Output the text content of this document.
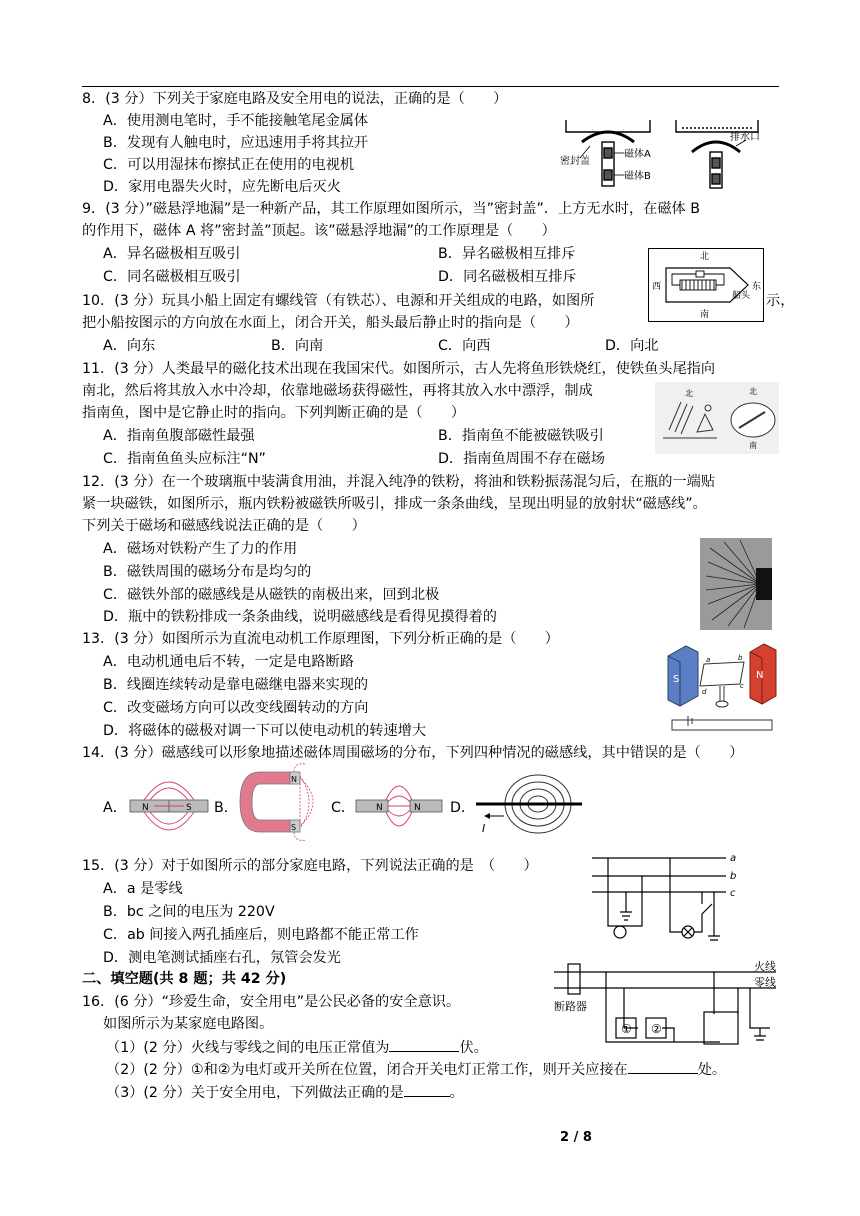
8．(3 分）下列关于家庭电路及安全用电的说法，正确的是（　　）
A．使用测电笔时，手不能接触笔尾金属体
B．发现有人触电时，应迅速用手将其拉开
C．可以用湿抹布擦拭正在使用的电视机
D．家用电器失火时，应先断电后灭火
密封盖
磁体A
磁体B
排水口
9．(3 分）”磁悬浮地漏”是一种新产品，其工作原理如图所示，当”密封盖”．上方无水时，在磁体 B
的作用下，磁体 A 将”密封盖”顶起。该”磁悬浮地漏”的工作原理是（　　）
A．异名磁极相互吸引	B．异名磁极相互排斥
C．同名磁极相互吸引	D．同名磁极相互排斥
北
南
西	东
船头
10．(3 分）玩具小船上固定有螺线管（有铁芯）、电源和开关组成的电路，如图所	示，
把小船按图示的方向放在水面上，闭合开关，船头最后静止时的指向是（　　）
A．向东	B．向南	C．向西	D．向北
11．(3 分）人类最早的磁化技术出现在我国宋代。如图所示，古人先将鱼形铁烧红，使铁鱼头尾指向
南北，然后将其放入水中冷却，依靠地磁场获得磁性，再将其放入水中漂浮，制成
指南鱼，图中是它静止时的指向。下列判断正确的是（　　）
北	北
南
A．指南鱼腹部磁性最强	B．指南鱼不能被磁铁吸引
C．指南鱼鱼头应标注“N”	D．指南鱼周围不存在磁场
12．(3 分）在一个玻璃瓶中装满食用油，并混入纯净的铁粉，将油和铁粉振荡混匀后，在瓶的一端贴
紧一块磁铁，如图所示，瓶内铁粉被磁铁所吸引，排成一条条曲线，呈现出明显的放射状“磁感线”。
下列关于磁场和磁感线说法正确的是（　　）
A．磁场对铁粉产生了力的作用
B．磁铁周围的磁场分布是均匀的
C．磁铁外部的磁感线是从磁铁的南极出来，回到北极
D．瓶中的铁粉排成一条条曲线，说明磁感线是看得见摸得着的
13．(3 分）如图所示为直流电动机工作原理图，下列分析正确的是（　　）
A．电动机通电后不转，一定是电路断路
B．线圈连续转动是靠电磁继电器来实现的
C．改变磁场方向可以改变线圈转动的方向
D．将磁体的磁极对调一下可以使电动机的转速增大
S	N
a	b
c
d
14．(3 分）磁感线可以形象地描述磁体周围磁场的分布，下列四种情况的磁感线，其中错误的是（　　）
A．	B．	C．	D．
N	S
N
S
N	N
I
15．(3 分）对于如图所示的部分家庭电路，下列说法正确的是　（　　）
A．a 是零线
B．bc 之间的电压为 220V
C．ab 间接入两孔插座后，则电路都不能正常工作
D．测电笔测试插座右孔，氖管会发光
a
b
c
二、填空题(共 8 题；共 42 分)
16．(6 分）“珍爱生命，安全用电”是公民必备的安全意识。
如图所示为某家庭电路图。
（1）(2 分）火线与零线之间的电压正常值为	伏。
（2）(2 分）①和②为电灯或开关所在位置，闭合开关电灯正常工作，则开关应接在	处。
（3）(2 分）关于安全用电，下列做法正确的是	。
① ②
火线
零线
断路器
2 / 8
